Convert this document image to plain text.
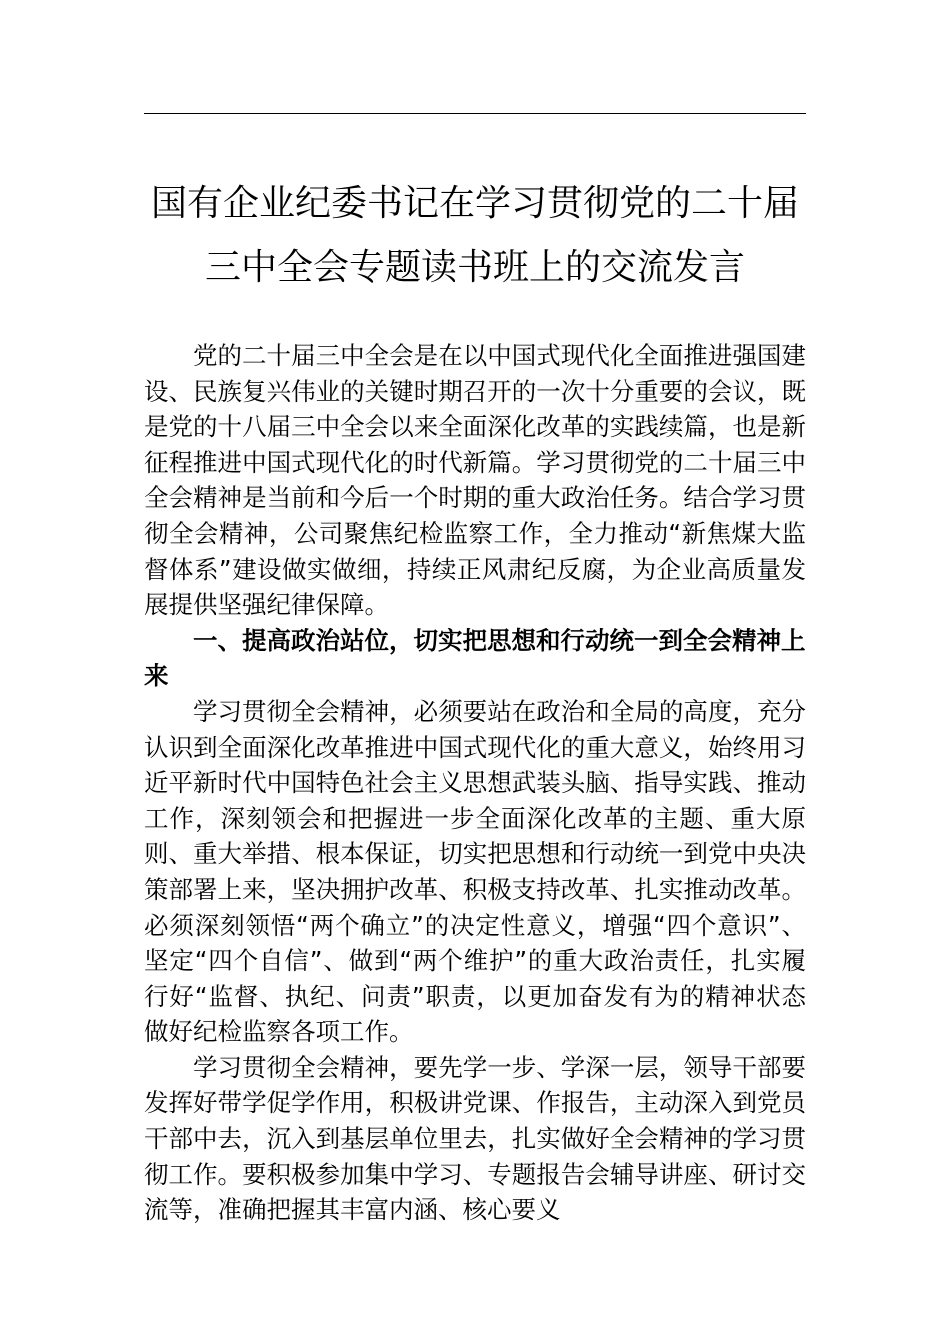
国有企业纪委书记在学习贯彻党的二十届
三中全会专题读书班上的交流发言

党的二十届三中全会是在以中国式现代化全面推进强国建设、民族复兴伟业的关键时期召开的一次十分重要的会议，既是党的十八届三中全会以来全面深化改革的实践续篇，也是新征程推进中国式现代化的时代新篇。学习贯彻党的二十届三中全会精神是当前和今后一个时期的重大政治任务。结合学习贯彻全会精神，公司聚焦纪检监察工作，全力推动“新焦煤大监督体系”建设做实做细，持续正风肃纪反腐，为企业高质量发展提供坚强纪律保障。

一、提高政治站位，切实把思想和行动统一到全会精神上来

学习贯彻全会精神，必须要站在政治和全局的高度，充分认识到全面深化改革推进中国式现代化的重大意义，始终用习近平新时代中国特色社会主义思想武装头脑、指导实践、推动工作，深刻领会和把握进一步全面深化改革的主题、重大原则、重大举措、根本保证，切实把思想和行动统一到党中央决策部署上来，坚决拥护改革、积极支持改革、扎实推动改革。必须深刻领悟“两个确立”的决定性意义，增强“四个意识”、坚定“四个自信”、做到“两个维护”的重大政治责任，扎实履行好“监督、执纪、问责”职责，以更加奋发有为的精神状态做好纪检监察各项工作。

学习贯彻全会精神，要先学一步、学深一层，领导干部要发挥好带学促学作用，积极讲党课、作报告，主动深入到党员干部中去，沉入到基层单位里去，扎实做好全会精神的学习贯彻工作。要积极参加集中学习、专题报告会辅导讲座、研讨交流等，准确把握其丰富内涵、核心要义
